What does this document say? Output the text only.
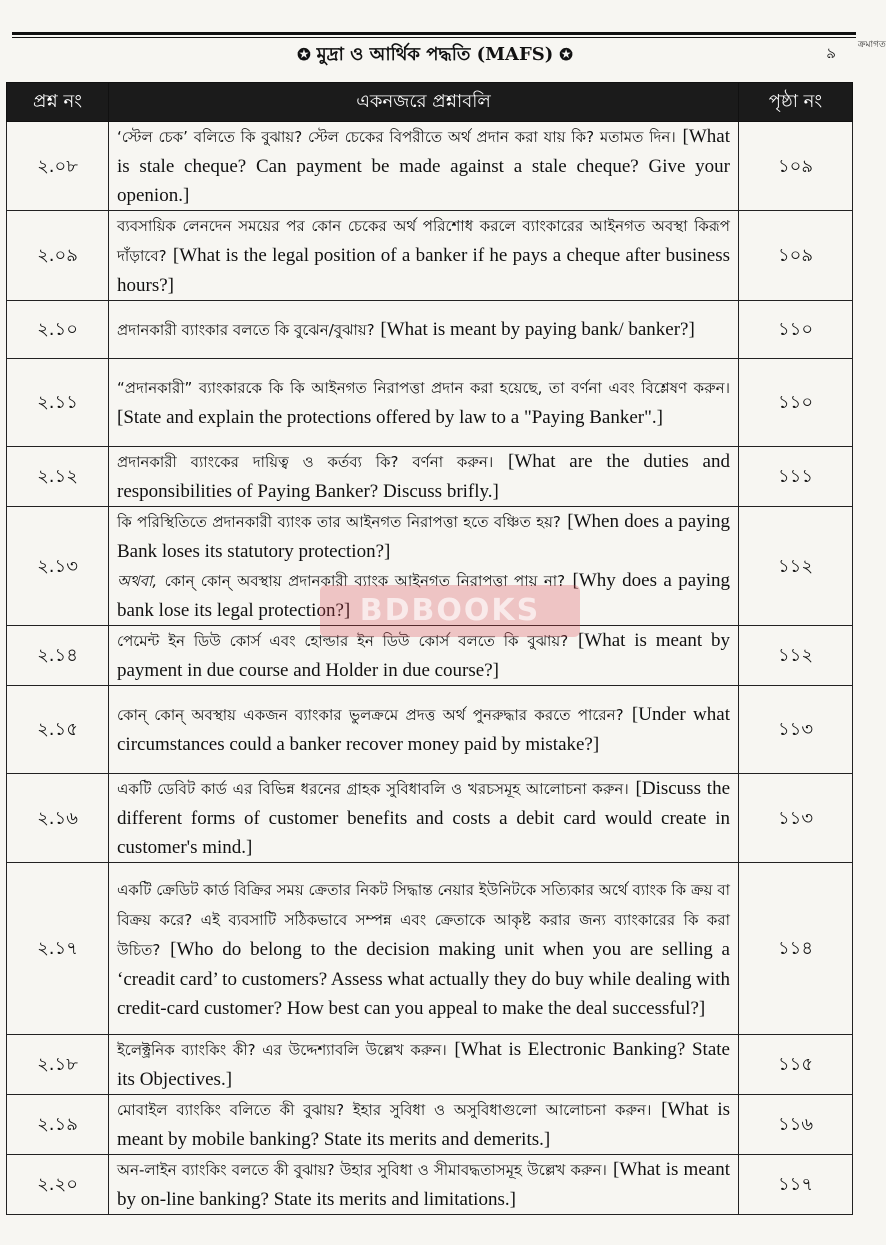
ক্রমাগত
✪ মুদ্রা ও আর্থিক পদ্ধতি (MAFS) ✪	৯
প্রশ্ন নং	একনজরে প্রশ্নাবলি	পৃষ্ঠা নং
২.০৮	‘স্টেল চেক’ বলিতে কি বুঝায়? স্টেল চেকের বিপরীতে অর্থ প্রদান করা যায় কি? মতামত দিন। [What is stale cheque? Can payment be made against a stale cheque? Give your openion.]	১০৯
২.০৯	ব্যবসায়িক লেনদেন সময়ের পর কোন চেকের অর্থ পরিশোধ করলে ব্যাংকারের আইনগত অবস্থা কিরূপ দাঁড়াবে? [What is the legal position of a banker if he pays a cheque after business hours?]	১০৯
২.১০	প্রদানকারী ব্যাংকার বলতে কি বুঝেন/বুঝায়? [What is meant by paying bank/ banker?]	১১০
২.১১	“প্রদানকারী” ব্যাংকারকে কি কি আইনগত নিরাপত্তা প্রদান করা হয়েছে, তা বর্ণনা এবং বিশ্লেষণ করুন। [State and explain the protections offered by law to a "Paying Banker".]	১১০
২.১২	প্রদানকারী ব্যাংকের দায়িত্ব ও কর্তব্য কি? বর্ণনা করুন। [What are the duties and responsibilities of Paying Banker? Discuss brifly.]	১১১
২.১৩	কি পরিস্থিতিতে প্রদানকারী ব্যাংক তার আইনগত নিরাপত্তা হতে বঞ্চিত হয়? [When does a paying Bank loses its statutory protection?]
অথবা, কোন্ কোন্ অবস্থায় প্রদানকারী ব্যাংক আইনগত নিরাপত্তা পায় না? [Why does a paying bank lose its legal protection?]	১১২
২.১৪	পেমেন্ট ইন ডিউ কোর্স এবং হোল্ডার ইন ডিউ কোর্স বলতে কি বুঝায়? [What is meant by payment in due course and Holder in due course?]	১১২
২.১৫	কোন্ কোন্ অবস্থায় একজন ব্যাংকার ভুলক্রমে প্রদত্ত অর্থ পুনরুদ্ধার করতে পারেন? [Under what circumstances could a banker recover money paid by mistake?]	১১৩
২.১৬	একটি ডেবিট কার্ড এর বিভিন্ন ধরনের গ্রাহক সুবিধাবলি ও খরচসমূহ আলোচনা করুন। [Discuss the different forms of customer benefits and costs a debit card would create in customer's mind.]	১১৩
২.১৭	একটি ক্রেডিট কার্ড বিক্রির সময় ক্রেতার নিকট সিদ্ধান্ত নেয়ার ইউনিটকে সত্যিকার অর্থে ব্যাংক কি ক্রয় বা বিক্রয় করে? এই ব্যবসাটি সঠিকভাবে সম্পন্ন এবং ক্রেতাকে আকৃষ্ট করার জন্য ব্যাংকারের কি করা উচিত? [Who do belong to the decision making unit when you are selling a ‘creadit card’ to customers? Assess what actually they do buy while dealing with credit-card customer? How best can you appeal to make the deal successful?]	১১৪
২.১৮	ইলেক্ট্রনিক ব্যাংকিং কী? এর উদ্দেশ্যাবলি উল্লেখ করুন। [What is Electronic Banking? State its Objectives.]	১১৫
২.১৯	মোবাইল ব্যাংকিং বলিতে কী বুঝায়? ইহার সুবিধা ও অসুবিধাগুলো আলোচনা করুন। [What is meant by mobile banking? State its merits and demerits.]	১১৬
২.২০	অন-লাইন ব্যাংকিং বলতে কী বুঝায়? উহার সুবিধা ও সীমাবদ্ধতাসমূহ উল্লেখ করুন। [What is meant by on-line banking? State its merits and limitations.]	১১৭
BDBOOKS
